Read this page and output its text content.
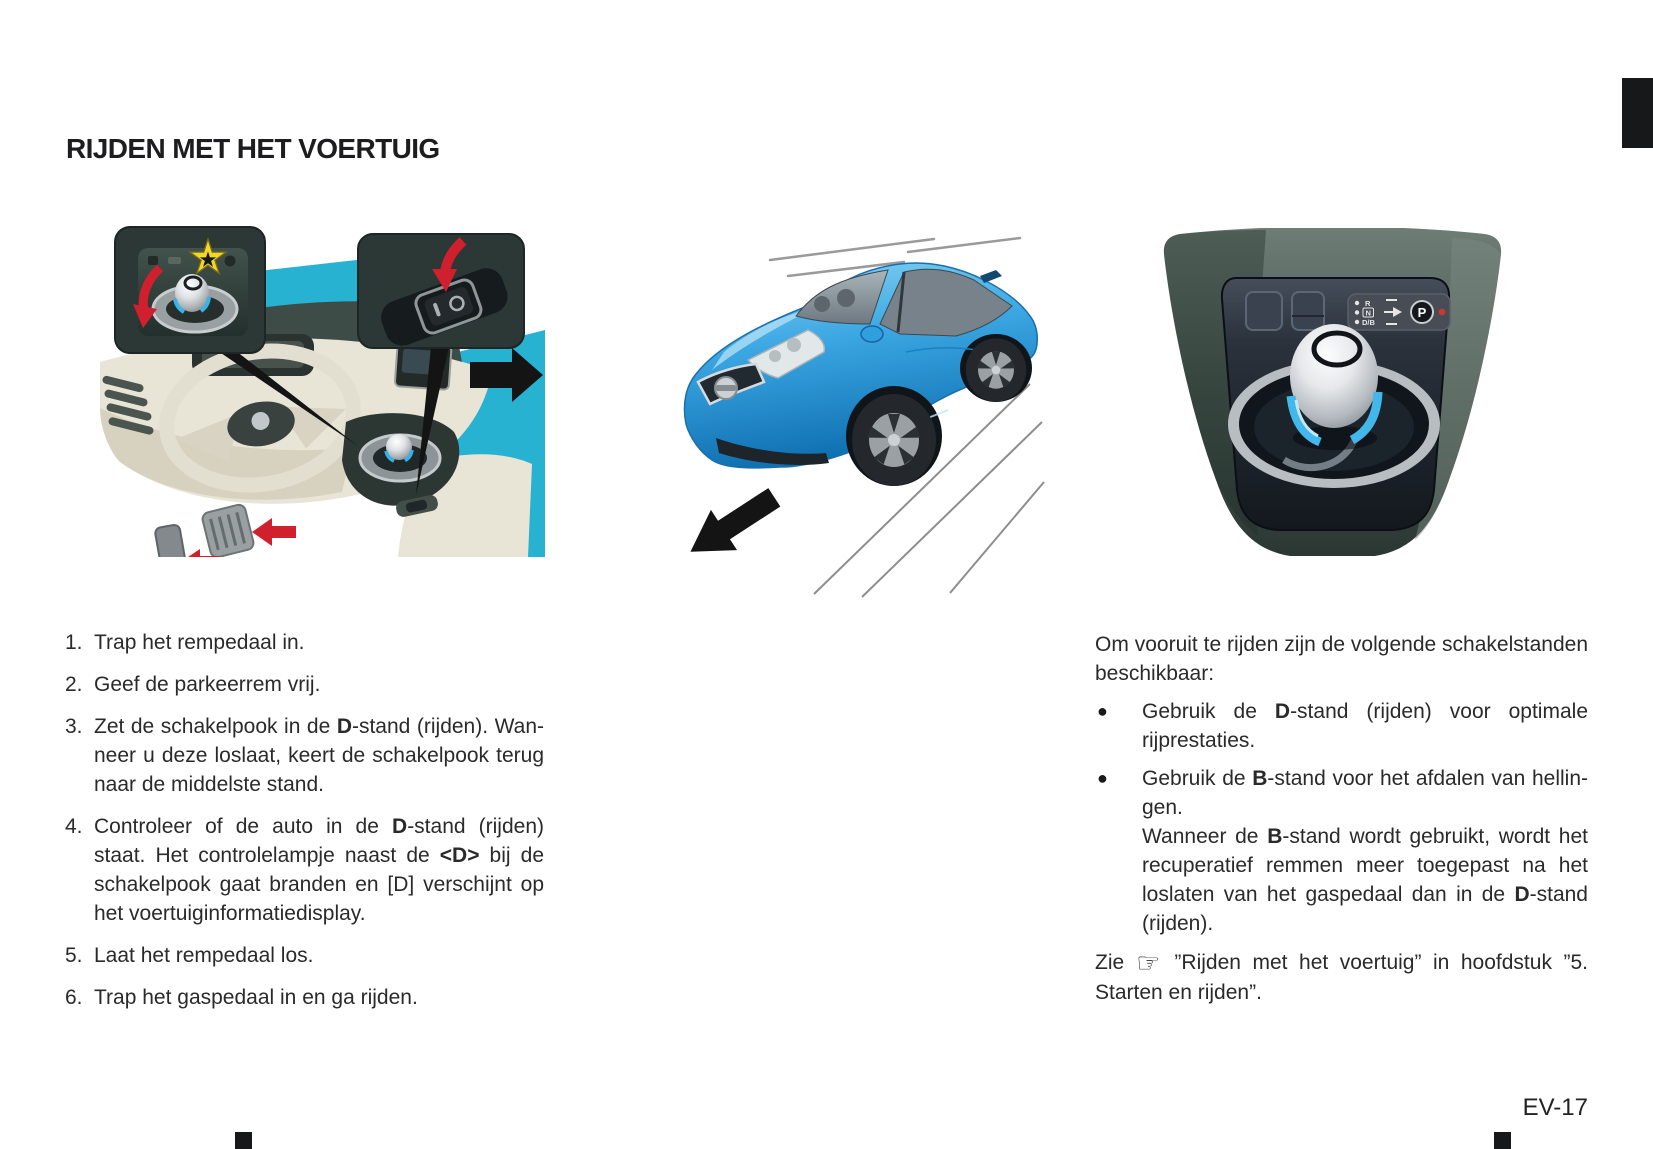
RIJDEN MET HET VOERTUIG
R
N
D/B
P
1. Trap het rempedaal in.
2. Geef de parkeerrem vrij.
3. Zet de schakelpook in de D-stand (rijden). Wanneer u deze loslaat, keert de schakelpook terug naar de middelste stand.
4. Controleer of de auto in de D-stand (rijden) staat. Het controlelampje naast de <D> bij de schakelpook gaat branden en [D] verschijnt op het voertuiginformatiedisplay.
5. Laat het rempedaal los.
6. Trap het gaspedaal in en ga rijden.

Om vooruit te rijden zijn de volgende schakelstanden beschikbaar:

●	Gebruik de D-stand (rijden) voor optimale rijprestaties.
●	Gebruik de B-stand voor het afdalen van hellingen.
Wanneer de B-stand wordt gebruikt, wordt het recuperatief remmen meer toegepast na het loslaten van het gaspedaal dan in de D-stand (rijden).

Zie ☞ ”Rijden met het voertuig” in hoofdstuk ”5. Starten en rijden”.

EV-17
